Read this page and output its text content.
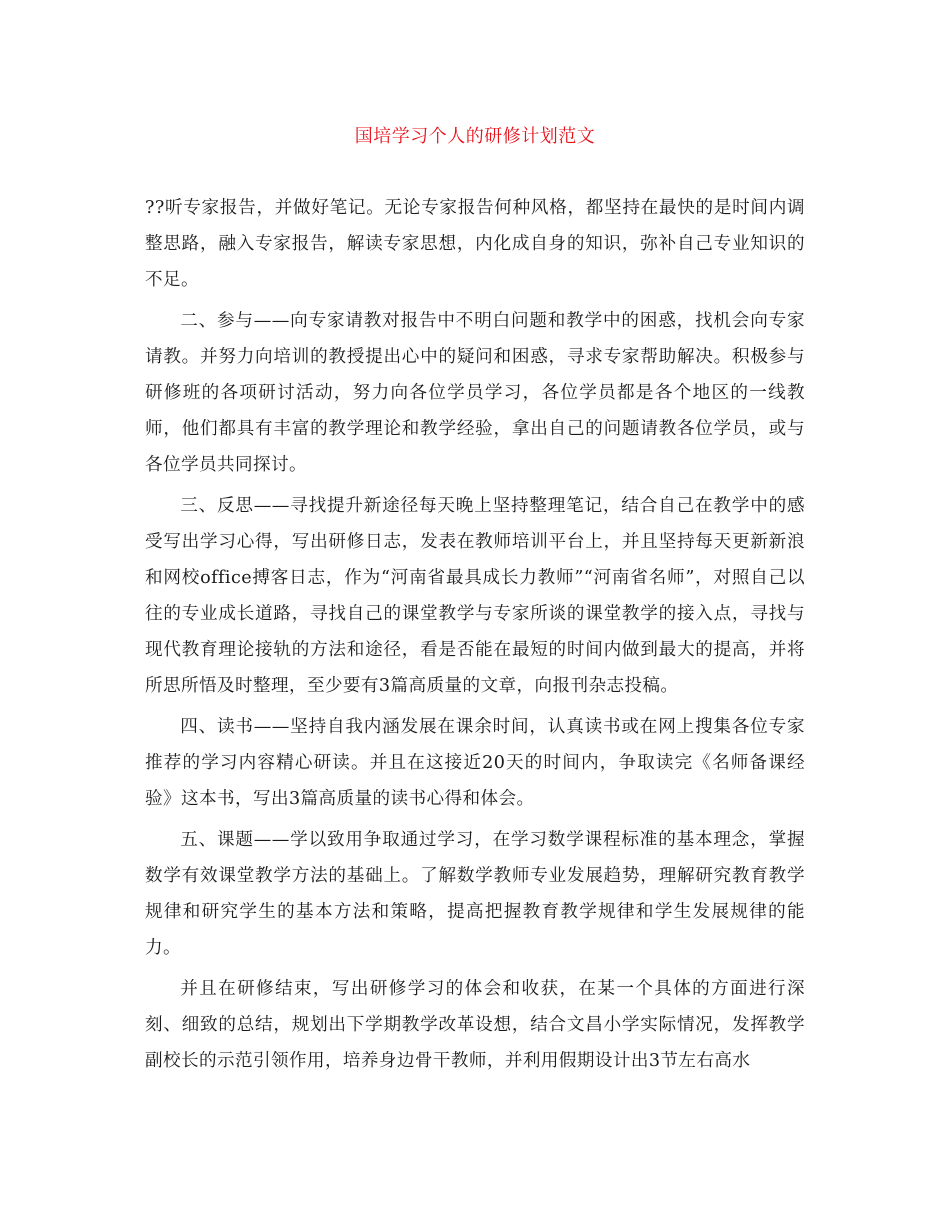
国培学习个人的研修计划范文

??听专家报告，并做好笔记。无论专家报告何种风格，都坚持在最快的是时间内调整思路，融入专家报告，解读专家思想，内化成自身的知识，弥补自己专业知识的不足。

二、参与——向专家请教对报告中不明白问题和教学中的困惑，找机会向专家请教。并努力向培训的教授提出心中的疑问和困惑，寻求专家帮助解决。积极参与研修班的各项研讨活动，努力向各位学员学习，各位学员都是各个地区的一线教师，他们都具有丰富的教学理论和教学经验，拿出自己的问题请教各位学员，或与各位学员共同探讨。

三、反思——寻找提升新途径每天晚上坚持整理笔记，结合自己在教学中的感受写出学习心得，写出研修日志，发表在教师培训平台上，并且坚持每天更新新浪和网校office搏客日志，作为“河南省最具成长力教师”“河南省名师”，对照自己以往的专业成长道路，寻找自己的课堂教学与专家所谈的课堂教学的接入点，寻找与现代教育理论接轨的方法和途径，看是否能在最短的时间内做到最大的提高，并将所思所悟及时整理，至少要有3篇高质量的文章，向报刊杂志投稿。

四、读书——坚持自我内涵发展在课余时间，认真读书或在网上搜集各位专家推荐的学习内容精心研读。并且在这接近20天的时间内，争取读完《名师备课经验》这本书，写出3篇高质量的读书心得和体会。

五、课题——学以致用争取通过学习，在学习数学课程标准的基本理念，掌握数学有效课堂教学方法的基础上。了解数学教师专业发展趋势，理解研究教育教学规律和研究学生的基本方法和策略，提高把握教育教学规律和学生发展规律的能力。

并且在研修结束，写出研修学习的体会和收获，在某一个具体的方面进行深刻、细致的总结，规划出下学期教学改革设想，结合文昌小学实际情况，发挥教学副校长的示范引领作用，培养身边骨干教师，并利用假期设计出3节左右高水
